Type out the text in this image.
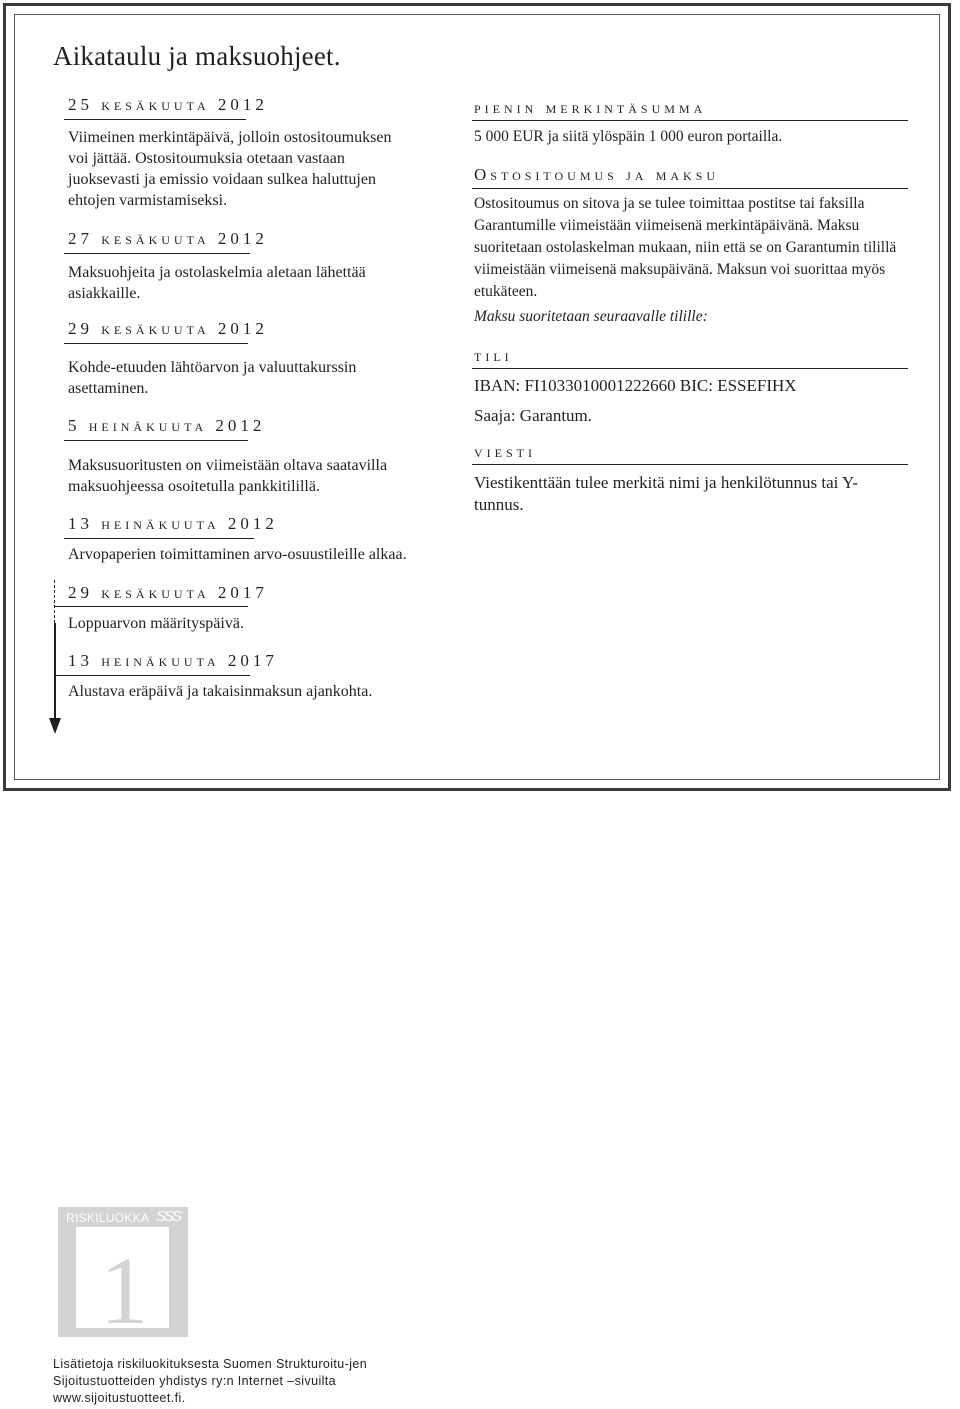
Aikataulu ja maksuohjeet.
25 kesäkuuta 2012

Viimeinen merkintäpäivä, jolloin ostositoumuksen voi jättää. Ostositoumuksia otetaan vastaan juoksevasti ja emissio voidaan sulkea haluttujen ehtojen varmistamiseksi.

27 kesäkuuta 2012

Maksuohjeita ja ostolaskelmia aletaan lähettää asiakkaille.

29 kesäkuuta 2012

Kohde-etuuden lähtöarvon ja valuuttakurssin asettaminen.

5 heinäkuuta 2012

Maksusuoritusten on viimeistään oltava saatavilla maksuohjeessa osoitetulla pankkitilillä.

13 heinäkuuta 2012

Arvopaperien toimittaminen arvo-osuustileille alkaa.

29 kesäkuuta 2017

Loppuarvon määrityspäivä.

13 heinäkuuta 2017

Alustava eräpäivä ja takaisinmaksun ajankohta.

pienin merkintäsumma

5 000 EUR ja siitä ylöspäin 1 000 euron portailla.

Ostositoumus ja maksu

Ostositoumus on sitova ja se tulee toimittaa postitse tai faksilla Garantumille viimeistään viimeisenä merkintäpäivänä. Maksu suoritetaan ostolaskelman mukaan, niin että se on Garantumin tilillä viimeistään viimeisenä maksupäivänä. Maksun voi suorittaa myös etukäteen.

Maksu suoritetaan seuraavalle tilille:

tili

IBAN: FI1033010001222660 BIC: ESSEFIHX

Saaja: Garantum.

viesti

Viestikenttään tulee merkitä nimi ja henkilötunnus tai Y-tunnus.

RISKILUOKKA SSS
1

Lisätietoja riskiluokituksesta Suomen Strukturoitu-jen Sijoitustuotteiden yhdistys ry:n Internet –sivuilta www.sijoitustuotteet.fi.
